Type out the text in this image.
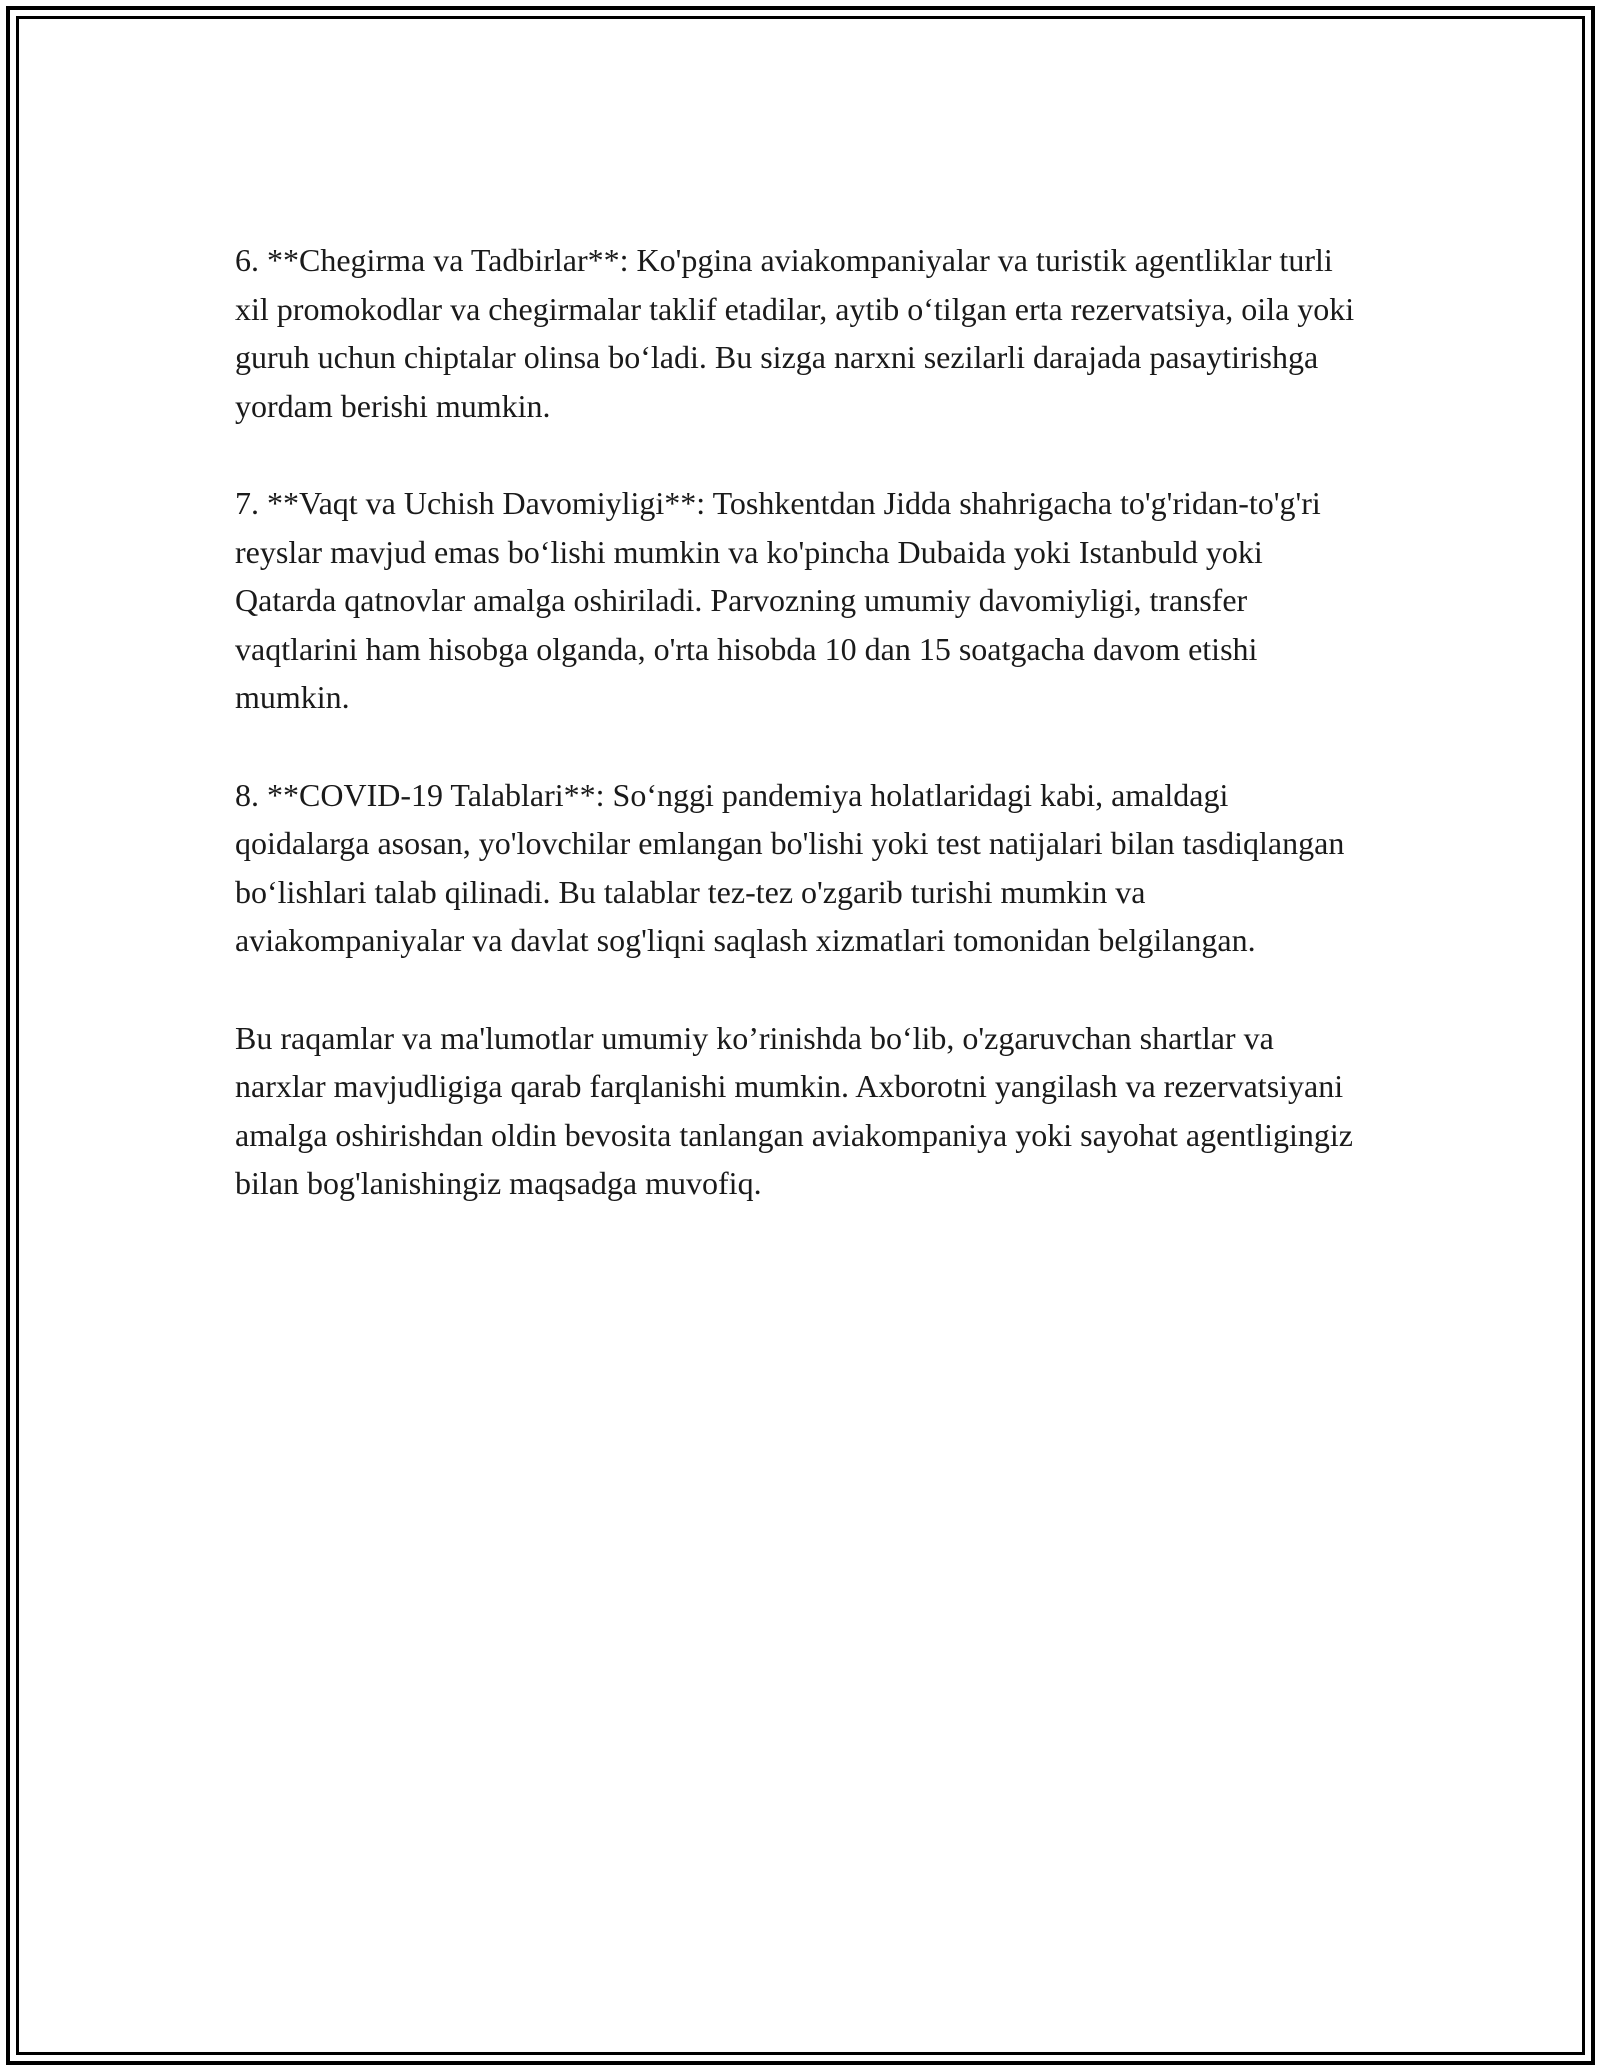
6. **Chegirma va Tadbirlar**: Ko'pgina aviakompaniyalar va turistik agentliklar turli xil promokodlar va chegirmalar taklif etadilar, aytib o‘tilgan erta rezervatsiya, oila yoki guruh uchun chiptalar olinsa bo‘ladi. Bu sizga narxni sezilarli darajada pasaytirishga yordam berishi mumkin.

7. **Vaqt va Uchish Davomiyligi**: Toshkentdan Jidda shahrigacha to'g'ridan-to'g'ri reyslar mavjud emas bo‘lishi mumkin va ko'pincha Dubaida yoki Istanbuld yoki Qatarda qatnovlar amalga oshiriladi. Parvozning umumiy davomiyligi, transfer vaqtlarini ham hisobga olganda, o'rta hisobda 10 dan 15 soatgacha davom etishi mumkin.

8. **COVID-19 Talablari**: So‘nggi pandemiya holatlaridagi kabi, amaldagi qoidalarga asosan, yo'lovchilar emlangan bo'lishi yoki test natijalari bilan tasdiqlangan bo‘lishlari talab qilinadi. Bu talablar tez-tez o'zgarib turishi mumkin va aviakompaniyalar va davlat sog'liqni saqlash xizmatlari tomonidan belgilangan.

Bu raqamlar va ma'lumotlar umumiy ko’rinishda bo‘lib, o'zgaruvchan shartlar va narxlar mavjudligiga qarab farqlanishi mumkin. Axborotni yangilash va rezervatsiyani amalga oshirishdan oldin bevosita tanlangan aviakompaniya yoki sayohat agentligingiz bilan bog'lanishingiz maqsadga muvofiq.
